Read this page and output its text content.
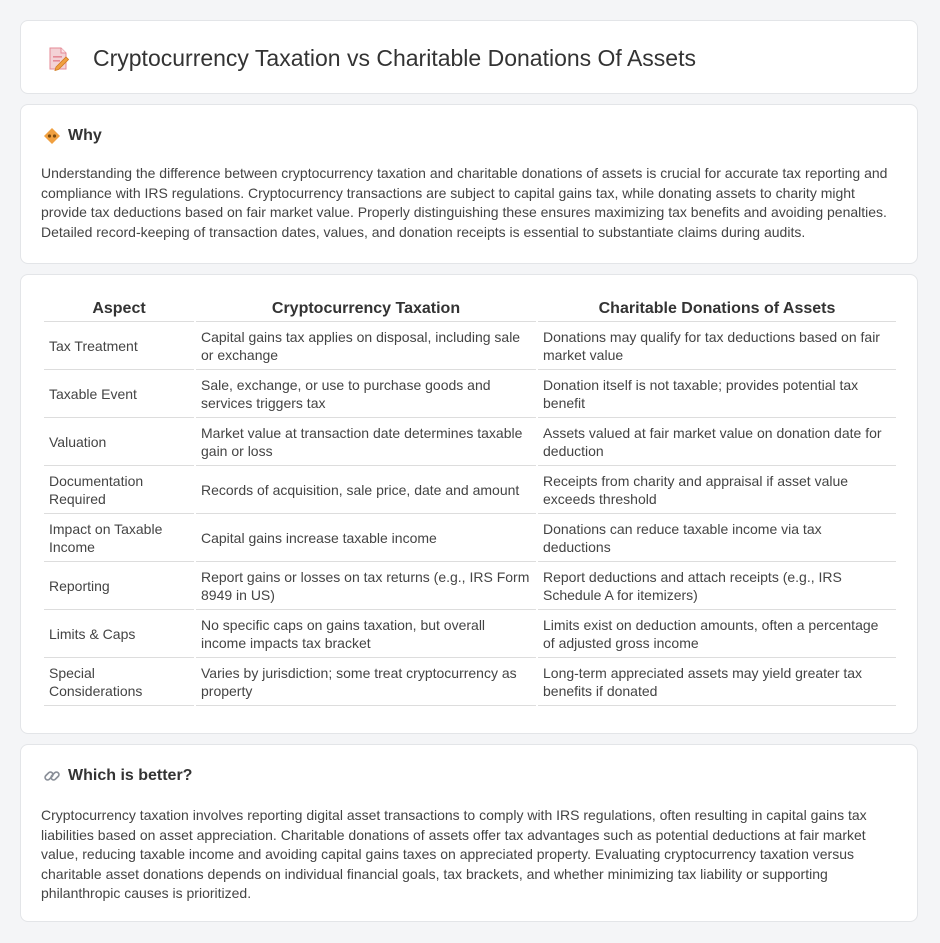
Cryptocurrency Taxation vs Charitable Donations Of Assets
Why

Understanding the difference between cryptocurrency taxation and charitable donations of assets is crucial for accurate tax reporting and compliance with IRS regulations. Cryptocurrency transactions are subject to capital gains tax, while donating assets to charity might provide tax deductions based on fair market value. Properly distinguishing these ensures maximizing tax benefits and avoiding penalties. Detailed record-keeping of transaction dates, values, and donation receipts is essential to substantiate claims during audits.

Aspect	Cryptocurrency Taxation	Charitable Donations of Assets
Tax Treatment	Capital gains tax applies on disposal, including sale or exchange	Donations may qualify for tax deductions based on fair market value
Taxable Event	Sale, exchange, or use to purchase goods and services triggers tax	Donation itself is not taxable; provides potential tax benefit
Valuation	Market value at transaction date determines taxable gain or loss	Assets valued at fair market value on donation date for deduction
Documentation Required	Records of acquisition, sale price, date and amount	Receipts from charity and appraisal if asset value exceeds threshold
Impact on Taxable Income	Capital gains increase taxable income	Donations can reduce taxable income via tax deductions
Reporting	Report gains or losses on tax returns (e.g., IRS Form 8949 in US)	Report deductions and attach receipts (e.g., IRS Schedule A for itemizers)
Limits & Caps	No specific caps on gains taxation, but overall income impacts tax bracket	Limits exist on deduction amounts, often a percentage of adjusted gross income
Special Considerations	Varies by jurisdiction; some treat cryptocurrency as property	Long-term appreciated assets may yield greater tax benefits if donated
Which is better?

Cryptocurrency taxation involves reporting digital asset transactions to comply with IRS regulations, often resulting in capital gains tax liabilities based on asset appreciation. Charitable donations of assets offer tax advantages such as potential deductions at fair market value, reducing taxable income and avoiding capital gains taxes on appreciated property. Evaluating cryptocurrency taxation versus charitable asset donations depends on individual financial goals, tax brackets, and whether minimizing tax liability or supporting philanthropic causes is prioritized.
